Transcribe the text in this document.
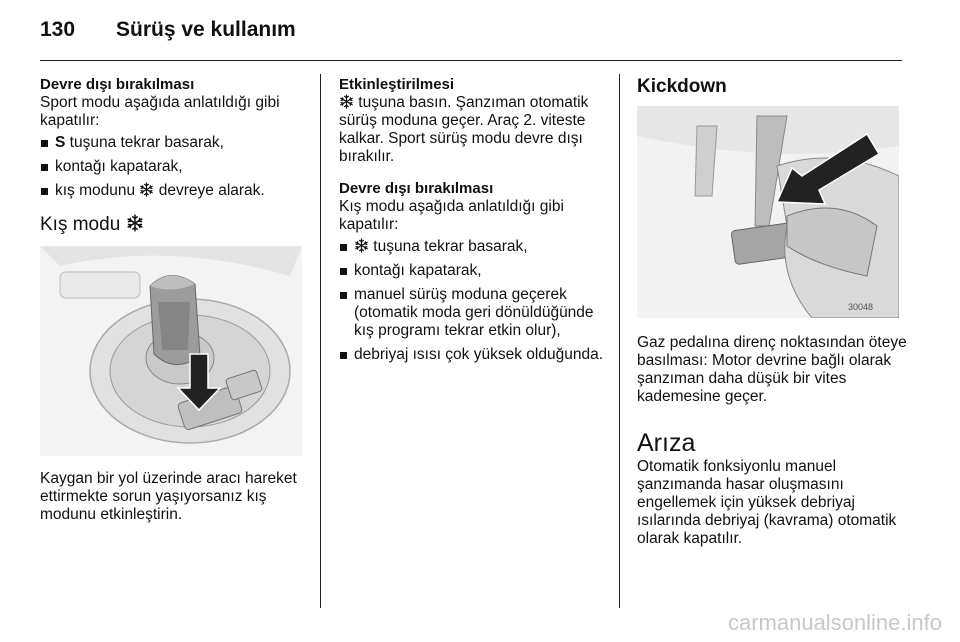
130 Sürüş ve kullanım

Devre dışı bırakılması

Sport modu aşağıda anlatıldığı gibi kapatılır:

S tuşuna tekrar basarak,
kontağı kapatarak,
kış modunu  devreye alarak.
Kış modu

Kaygan bir yol üzerinde aracı hareket ettirmekte sorun yaşıyorsanız kış modunu etkinleştirin.

Etkinleştirilmesi

tuşuna basın. Şanzıman otomatik sürüş moduna geçer. Araç 2. viteste kalkar. Sport sürüş modu devre dışı bırakılır.

Devre dışı bırakılması

Kış modu aşağıda anlatıldığı gibi kapatılır:

tuşuna tekrar basarak,
kontağı kapatarak,
manuel sürüş moduna geçerek (otomatik moda geri dönüldüğünde kış programı tekrar etkin olur),
debriyaj ısısı çok yüksek olduğunda.
Kickdown
30048

Gaz pedalına direnç noktasından öteye basılması: Motor devrine bağlı olarak şanzıman daha düşük bir vites kademesine geçer.

Arıza

Otomatik fonksiyonlu manuel şanzımanda hasar oluşmasını engellemek için yüksek debriyaj ısılarında debriyaj (kavrama) otomatik olarak kapatılır.

carmanualsonline.info
